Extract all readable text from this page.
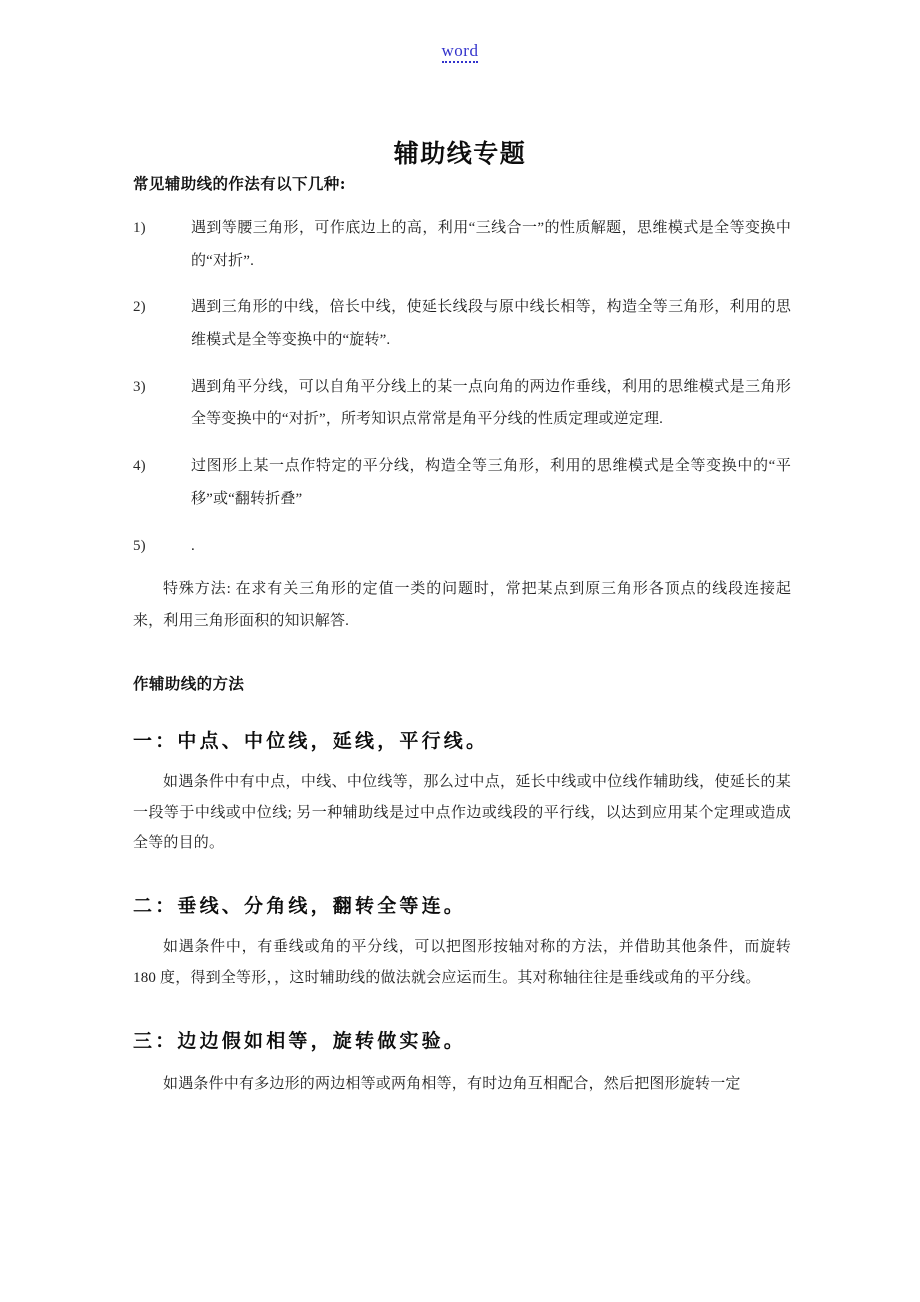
word
辅助线专题

常见辅助线的作法有以下几种:

1)	遇到等腰三角形，可作底边上的高，利用“三线合一”的性质解题，思维模式是全等变换中的“对折”.
2)	遇到三角形的中线，倍长中线，使延长线段与原中线长相等，构造全等三角形，利用的思维模式是全等变换中的“旋转”.
3)	遇到角平分线，可以自角平分线上的某一点向角的两边作垂线，利用的思维模式是三角形全等变换中的“对折”，所考知识点常常是角平分线的性质定理或逆定理.
4)	过图形上某一点作特定的平分线，构造全等三角形，利用的思维模式是全等变换中的“平移”或“翻转折叠”
5)	.

特殊方法: 在求有关三角形的定值一类的问题时，常把某点到原三角形各顶点的线段连接起来，利用三角形面积的知识解答.

作辅助线的方法

一：中点、中位线，延线，平行线。

如遇条件中有中点，中线、中位线等，那么过中点，延长中线或中位线作辅助线，使延长的某一段等于中线或中位线; 另一种辅助线是过中点作边或线段的平行线，以达到应用某个定理或造成全等的目的。

二：垂线、分角线，翻转全等连。

如遇条件中，有垂线或角的平分线，可以把图形按轴对称的方法，并借助其他条件，而旋转 180 度，得到全等形，，这时辅助线的做法就会应运而生。其对称轴往往是垂线或角的平分线。

三：边边假如相等，旋转做实验。

如遇条件中有多边形的两边相等或两角相等，有时边角互相配合，然后把图形旋转一定
